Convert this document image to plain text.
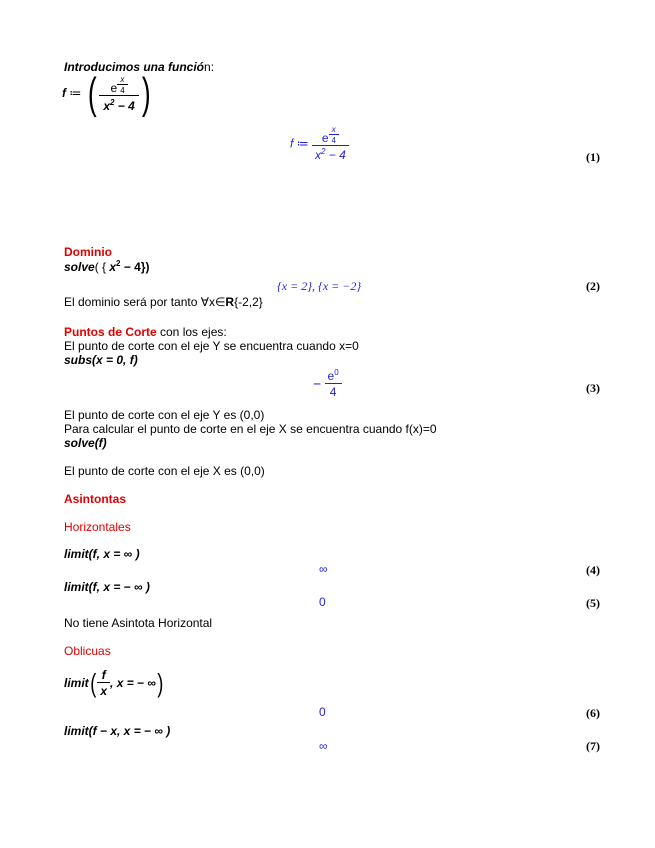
Introducimos una función:
f ≔ ( e $^{\frac{x}{4}}$
$x^2 - 4$ )
f ≔ e $^{\frac{x}{4}}$
$x^2 - 4$	(1)
Dominio
solve( { $x^2 - 4$})
{x = 2}, {x = −2}	(2)
El dominio será por tanto ∀x∈R{-2,2}
Puntos de Corte con los ejes:
El punto de corte con el eje Y se encuentra cuando x=0
subs(x = 0, f)
− $\frac{e^0}{4}$	(3)
El punto de corte con el eje Y es (0,0)
Para calcular el punto de corte en el eje X se encuentra cuando f(x)=0
solve(f)
El punto de corte con el eje X es (0,0)
Asintontas
Horizontales
limit(f, x = ∞ )
∞	(4)
limit(f, x = − ∞ )
0	(5)
No tiene Asintota Horizontal
Oblicuas
limit( $\frac{f}{x}$ , x = − ∞)
0	(6)
limit(f − x, x = − ∞ )
∞	(7)
